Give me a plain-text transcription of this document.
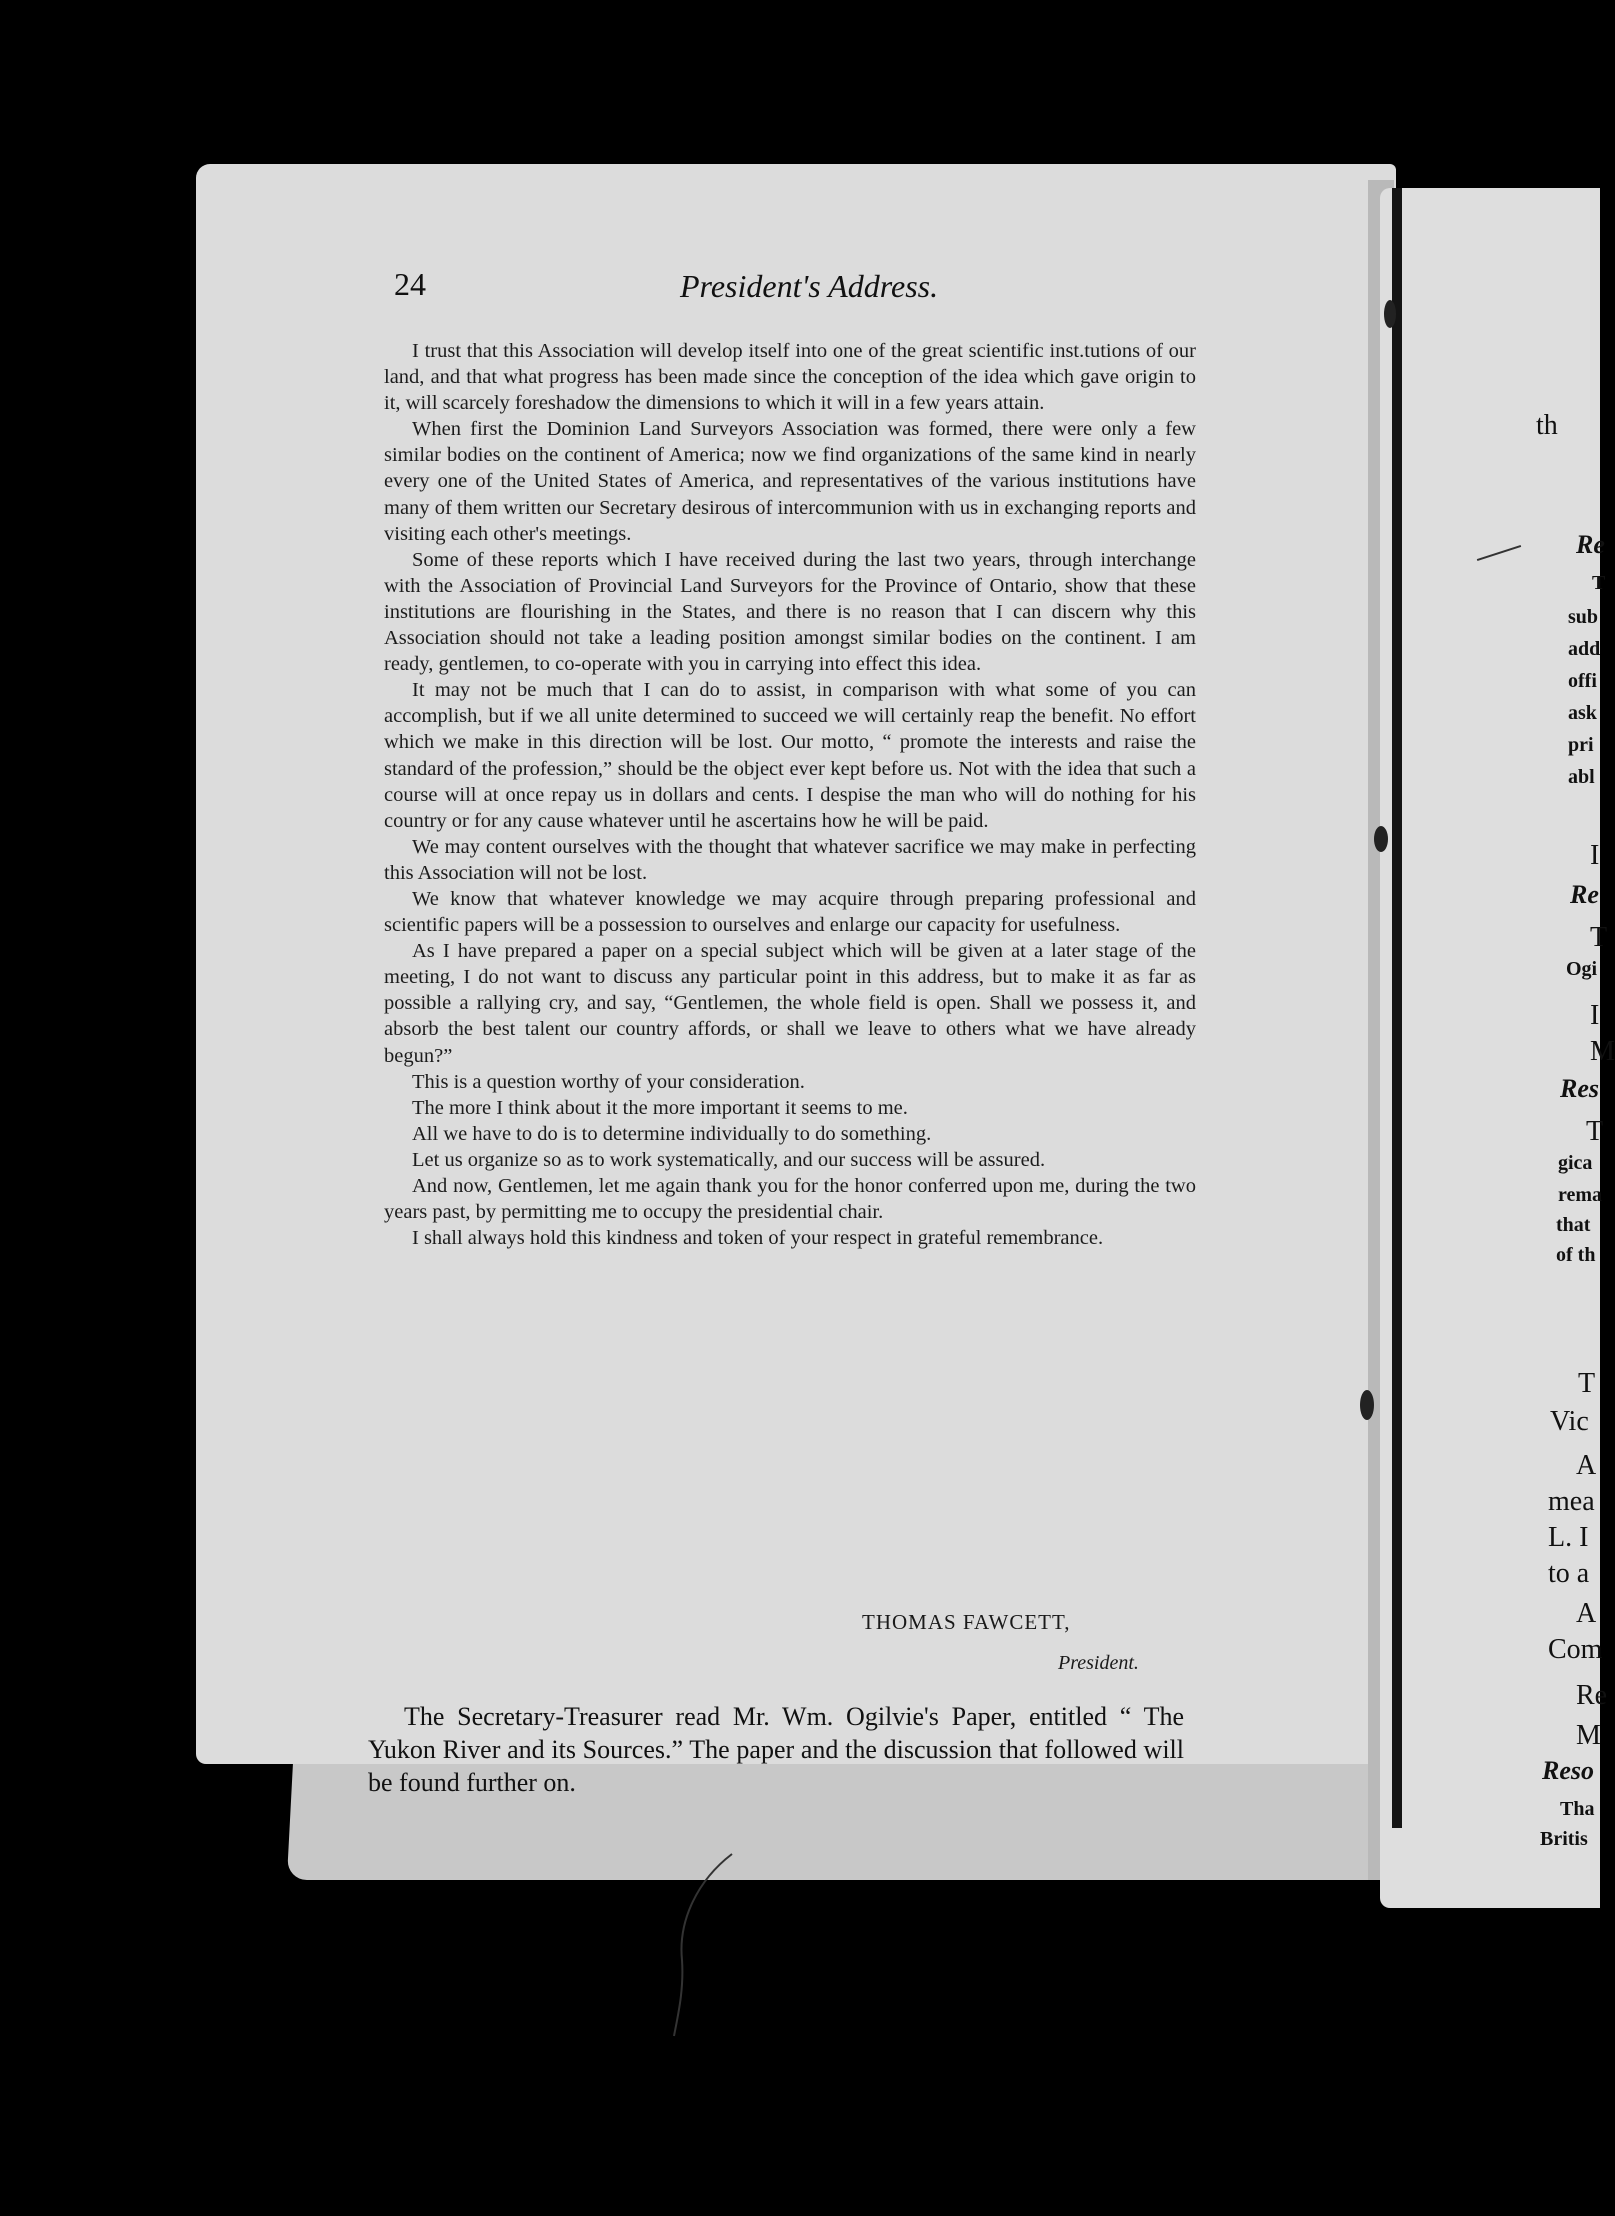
24	President's Address.

I trust that this Association will develop itself into one of the great scientific inst.tutions of our land, and that what progress has been made since the conception of the idea which gave origin to it, will scarcely foreshadow the dimensions to which it will in a few years attain.

When first the Dominion Land Surveyors Association was formed, there were only a few similar bodies on the continent of America; now we find organizations of the same kind in nearly every one of the United States of America, and representatives of the various institutions have many of them written our Secretary desirous of intercommunion with us in exchanging reports and visiting each other's meetings.

Some of these reports which I have received during the last two years, through interchange with the Association of Provincial Land Surveyors for the Province of Ontario, show that these institutions are flourishing in the States, and there is no reason that I can discern why this Association should not take a leading position amongst similar bodies on the continent. I am ready, gentlemen, to co-operate with you in carrying into effect this idea.

It may not be much that I can do to assist, in comparison with what some of you can accomplish, but if we all unite determined to succeed we will certainly reap the benefit. No effort which we make in this direction will be lost. Our motto, “ promote the interests and raise the standard of the profession,” should be the object ever kept before us. Not with the idea that such a course will at once repay us in dollars and cents. I despise the man who will do nothing for his country or for any cause whatever until he ascertains how he will be paid.

We may content ourselves with the thought that whatever sacrifice we may make in perfecting this Association will not be lost.

We know that whatever knowledge we may acquire through preparing professional and scientific papers will be a possession to ourselves and enlarge our capacity for usefulness.

As I have prepared a paper on a special subject which will be given at a later stage of the meeting, I do not want to discuss any particular point in this address, but to make it as far as possible a rallying cry, and say, “Gentlemen, the whole field is open. Shall we possess it, and absorb the best talent our country affords, or shall we leave to others what we have already begun?”

This is a question worthy of your consideration.

The more I think about it the more important it seems to me.

All we have to do is to determine individually to do something.

Let us organize so as to work systematically, and our success will be assured.

And now, Gentlemen, let me again thank you for the honor conferred upon me, during the two years past, by permitting me to occupy the presidential chair.

I shall always hold this kindness and token of your respect in grateful remembrance.

THOMAS FAWCETT,
President.
The Secretary-Treasurer read Mr. Wm. Ogilvie's Paper, entitled “ The Yukon River and its Sources.” The paper and the discussion that followed will be found further on.
th
Re
T
sub
add
offi
ask
pri
abl
I
Re
T
Ogi
I
M
Res
T
gica
rema
that
of th
T
Vic
A
mea
L. I
to a
A
Com
Re
M
Reso
Tha
Britis
